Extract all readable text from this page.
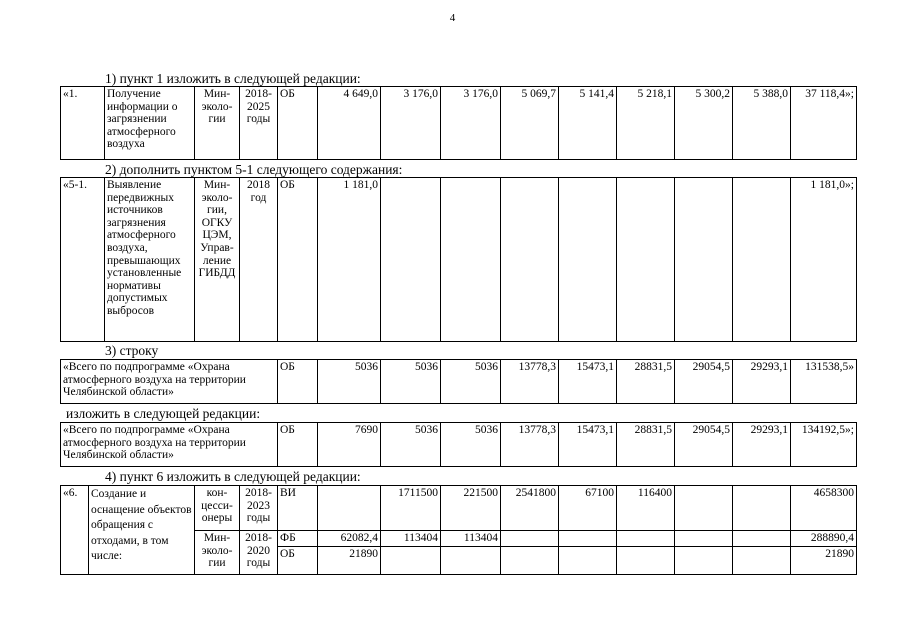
4
1) пункт 1 изложить в следующей редакции:
«1.	Получение информации о загрязнении атмосферного воздуха	Мин-эколо-гии	2018-2025 годы	ОБ	4 649,0	3 176,0	3 176,0	5 069,7	5 141,4	5 218,1	5 300,2	5 388,0	37 118,4»;
2) дополнить пунктом 5-1 следующего содержания:
«5-1.	Выявление передвижных источников загрязнения атмосферного воздуха, превышающих установленные нормативы допустимых выбросов	Мин-эколо-гии, ОГКУ ЦЭМ, Управ-ление ГИБДД	2018 год	ОБ	1 181,0								1 181,0»;
3) строку
«Всего по подпрограмме «Охрана атмосферного воздуха на территории Челябинской области»	ОБ	5036	5036	5036	13778,3	15473,1	28831,5	29054,5	29293,1	131538,5»
изложить в следующей редакции:
«Всего по подпрограмме «Охрана атмосферного воздуха на территории Челябинской области»	ОБ	7690	5036	5036	13778,3	15473,1	28831,5	29054,5	29293,1	134192,5»;
4) пункт 6 изложить в следующей редакции:
«6.	Создание и оснащение объектов обращения с отходами, в том числе:	кон-цесси-онеры	2018-2023 годы	ВИ		1711500	221500	2541800	67100	116400			4658300
		Мин-эколо-гии	2018-2020 годы	ФБ	62082,4	113404	113404						288890,4
				ОБ	21890								21890
